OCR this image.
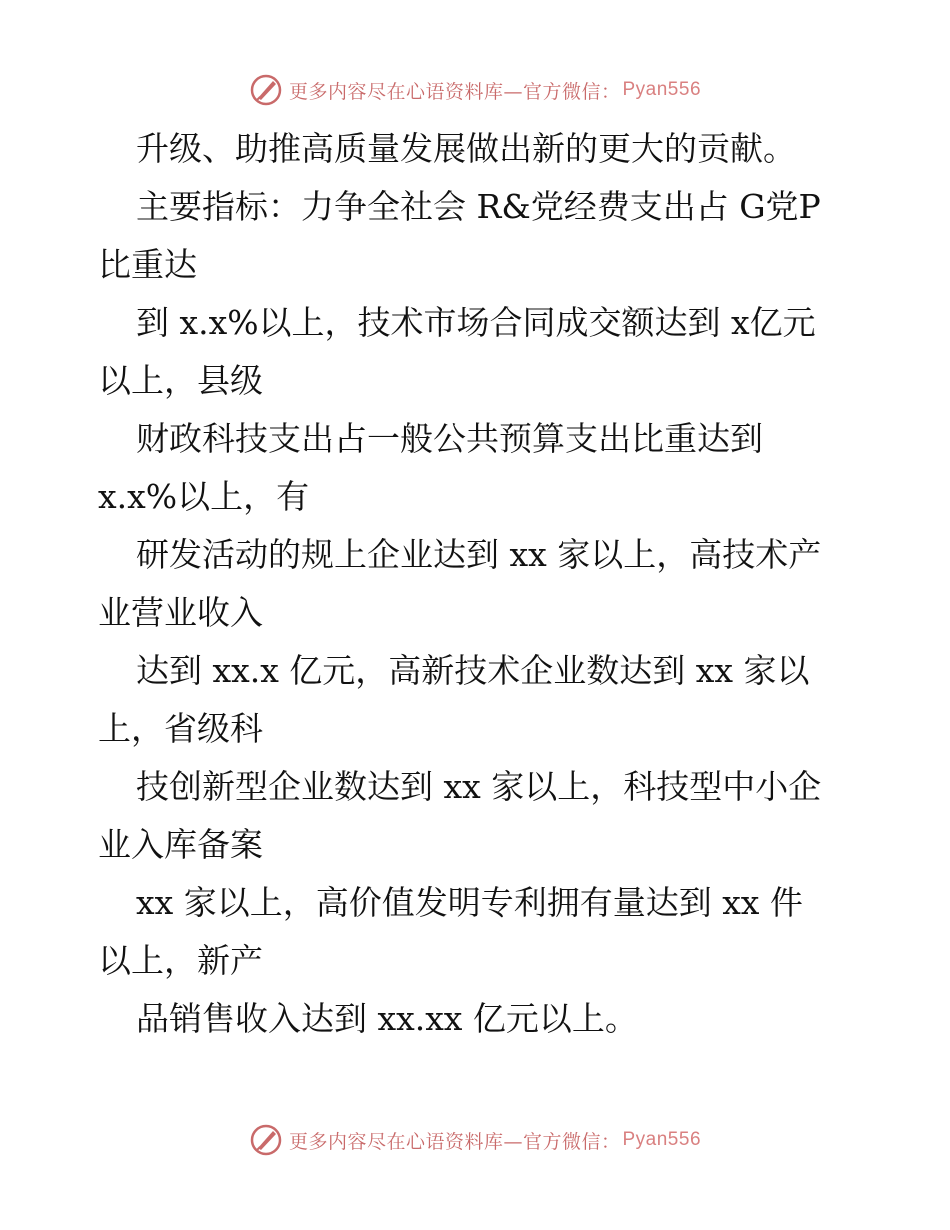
更多内容尽在心语资料库—官方微信： Pyan556
升级、助推高质量发展做出新的更大的贡献。
主要指标：力争全社会 R&党经费支出占 G党P
比重达
到 x.x%以上，技术市场合同成交额达到 x亿元
以上，县级
财政科技支出占一般公共预算支出比重达到
x.x%以上，有
研发活动的规上企业达到 xx 家以上，高技术产
业营业收入
达到 xx.x 亿元，高新技术企业数达到 xx 家以
上，省级科
技创新型企业数达到 xx 家以上，科技型中小企
业入库备案
xx 家以上，高价值发明专利拥有量达到 xx 件
以上，新产
品销售收入达到 xx.xx 亿元以上。
更多内容尽在心语资料库—官方微信： Pyan556
